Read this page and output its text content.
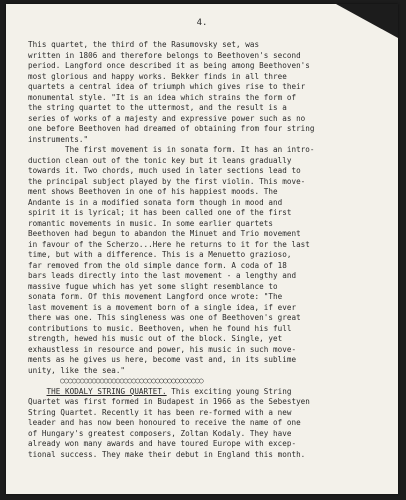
4.
This quartet, the third of the Rasumovsky set, was
written in 1806 and therefore belongs to Beethoven's second
period. Langford once described it as being among Beethoven's
most glorious and happy works. Bekker finds in all three
quartets a central idea of triumph which gives rise to their
monumental style. "It is an idea which strains the form of
the string quartet to the uttermost, and the result is a
series of works of a majesty and expressive power such as no
one before Beethoven had dreamed of obtaining from four string
instruments."
The first movement is in sonata form. It has an intro-
duction clean out of the tonic key but it leans gradually
towards it. Two chords, much used in later sections lead to
the principal subject played by the first violin. This move-
ment shows Beethoven in one of his happiest moods. The
Andante is in a modified sonata form though in mood and
spirit it is lyrical; it has been called one of the first
romantic movements in music. In some earlier quartets
Beethoven had begun to abandon the Minuet and Trio movement
in favour of the Scherzo...Here he returns to it for the last
time, but with a difference. This is a Menuetto grazioso,
far removed from the old simple dance form. A coda of 18
bars leads directly into the last movement - a lengthy and
massive fugue which has yet some slight resemblance to
sonata form. Of this movement Langford once wrote: "The
last movement is a movement born of a single idea, if ever
there was one. This singleness was one of Beethoven's great
contributions to music. Beethoven, when he found his full
strength, hewed his music out of the block. Single, yet
exhaustless in resource and power, his music in such move-
ments as he gives us here, become vast and, in its sublime
unity, like the sea."
○○○○○○○○○○○○○○○○○○○○○○○○○○○○○○○○○○○○
THE KODALY STRING QUARTET. This exciting young String
Quartet was first formed in Budapest in 1966 as the Sebestyen
String Quartet. Recently it has been re-formed with a new
leader and has now been honoured to receive the name of one
of Hungary's greatest composers, Zoltan Kodaly. They have
already won many awards and have toured Europe with excep-
tional success. They make their debut in England this month.
